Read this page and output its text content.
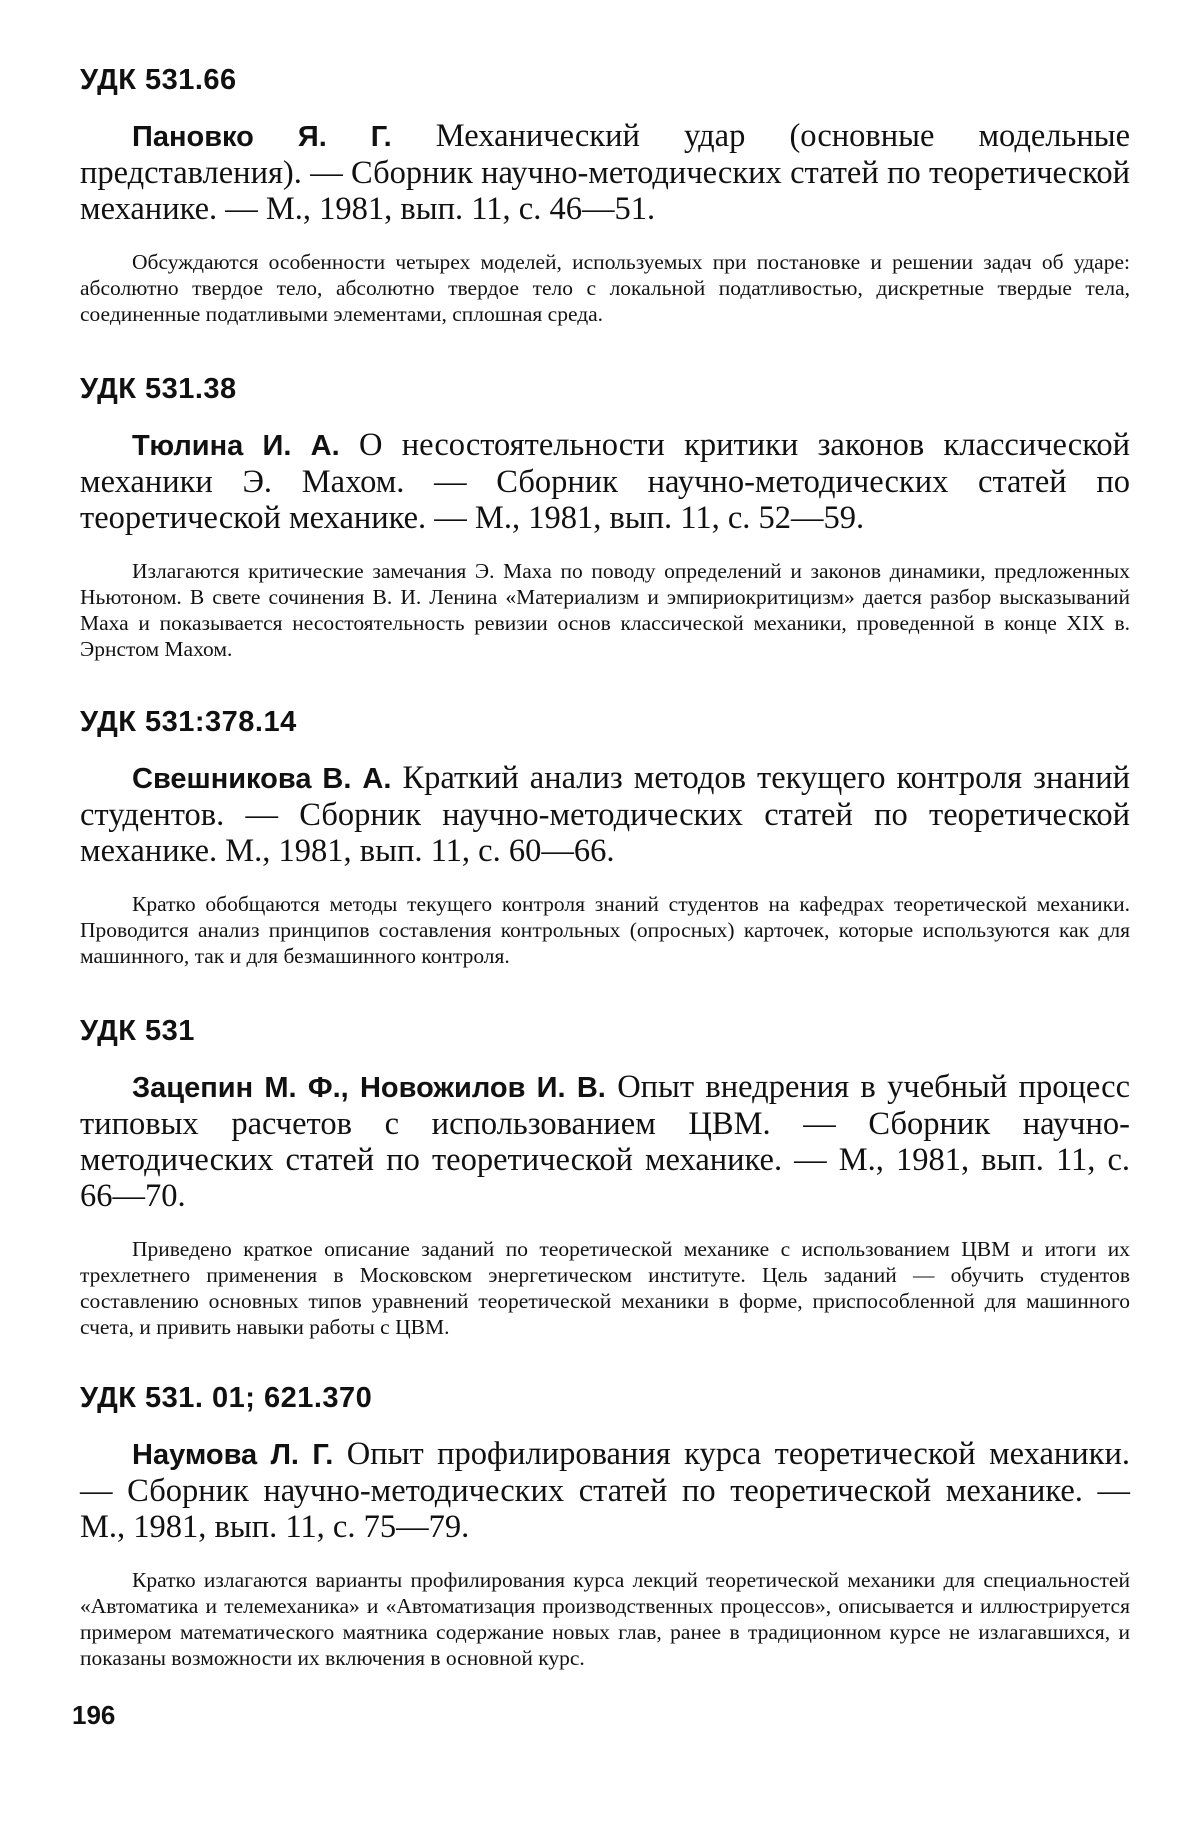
УДК 531.66

Пановко Я. Г. Механический удар (основные модельные представления). — Сборник научно-методических статей по теоретической механике. — М., 1981, вып. 11, с. 46—51.

Обсуждаются особенности четырех моделей, используемых при постановке и решении задач об ударе: абсолютно твердое тело, абсолютно твердое тело с локальной податливостью, дискретные твердые тела, соединенные податливыми элементами, сплошная среда.

УДК 531.38

Тюлина И. А. О несостоятельности критики законов классической механики Э. Махом. — Сборник научно-методических статей по теоретической механике. — М., 1981, вып. 11, с. 52—59.

Излагаются критические замечания Э. Маха по поводу определений и законов динамики, предложенных Ньютоном. В свете сочинения В. И. Ленина «Материализм и эмпириокритицизм» дается разбор высказываний Маха и показывается несостоятельность ревизии основ классической механики, проведенной в конце XIX в. Эрнстом Махом.

УДК 531:378.14

Свешникова В. А. Краткий анализ методов текущего контроля знаний студентов. — Сборник научно-методических статей по теоретической механике. М., 1981, вып. 11, с. 60—66.

Кратко обобщаются методы текущего контроля знаний студентов на кафедрах теоретической механики. Проводится анализ принципов составления контрольных (опросных) карточек, которые используются как для машинного, так и для безмашинного контроля.

УДК 531

Зацепин М. Ф., Новожилов И. В. Опыт внедрения в учебный процесс типовых расчетов с использованием ЦВМ. — Сборник научно-методических статей по теоретической механике. — М., 1981, вып. 11, с. 66—70.

Приведено краткое описание заданий по теоретической механике с использованием ЦВМ и итоги их трехлетнего применения в Московском энергетическом институте. Цель заданий — обучить студентов составлению основных типов уравнений теоретической механики в форме, приспособленной для машинного счета, и привить навыки работы с ЦВМ.

УДК 531. 01; 621.370

Наумова Л. Г. Опыт профилирования курса теоретической механики. — Сборник научно-методических статей по теоретической механике. — М., 1981, вып. 11, с. 75—79.

Кратко излагаются варианты профилирования курса лекций теоретической механики для специальностей «Автоматика и телемеханика» и «Автоматизация производственных процессов», описывается и иллюстрируется примером математического маятника содержание новых глав, ранее в традиционном курсе не излагавшихся, и показаны возможности их включения в основной курс.

196
